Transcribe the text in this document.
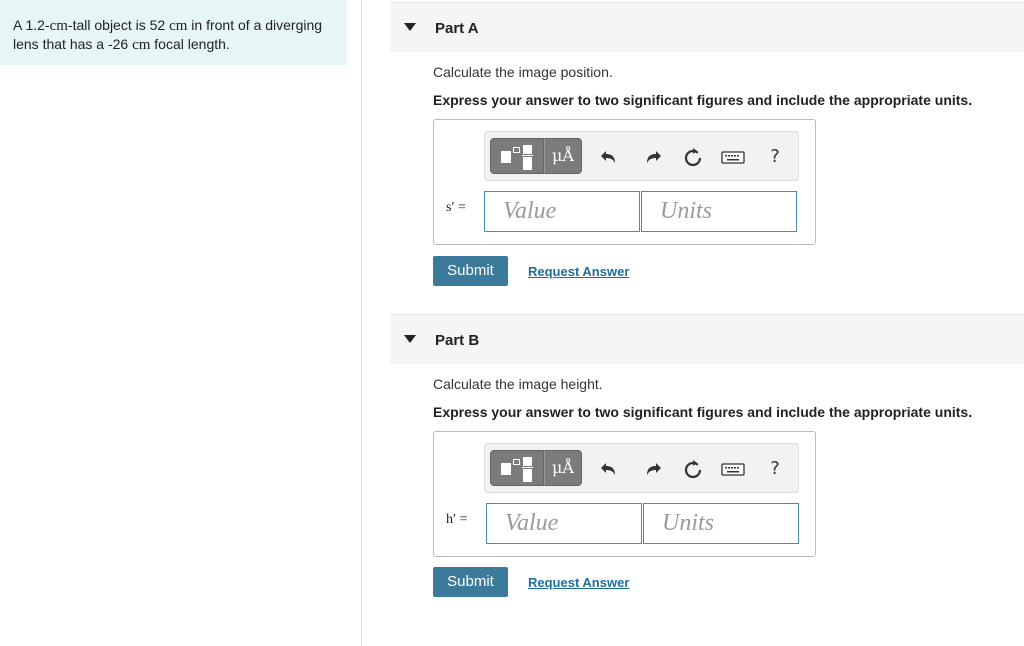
A 1.2-cm-tall object is 52 cm in front of a diverging lens that has a -26 cm focal length.
Part A
Calculate the image position.
Express your answer to two significant figures and include the appropriate units.
μÅ	?
s′ =	Value	Units
Submit	Request Answer
Part B
Calculate the image height.
Express your answer to two significant figures and include the appropriate units.
μÅ	?
h′ =	Value	Units
Submit	Request Answer
